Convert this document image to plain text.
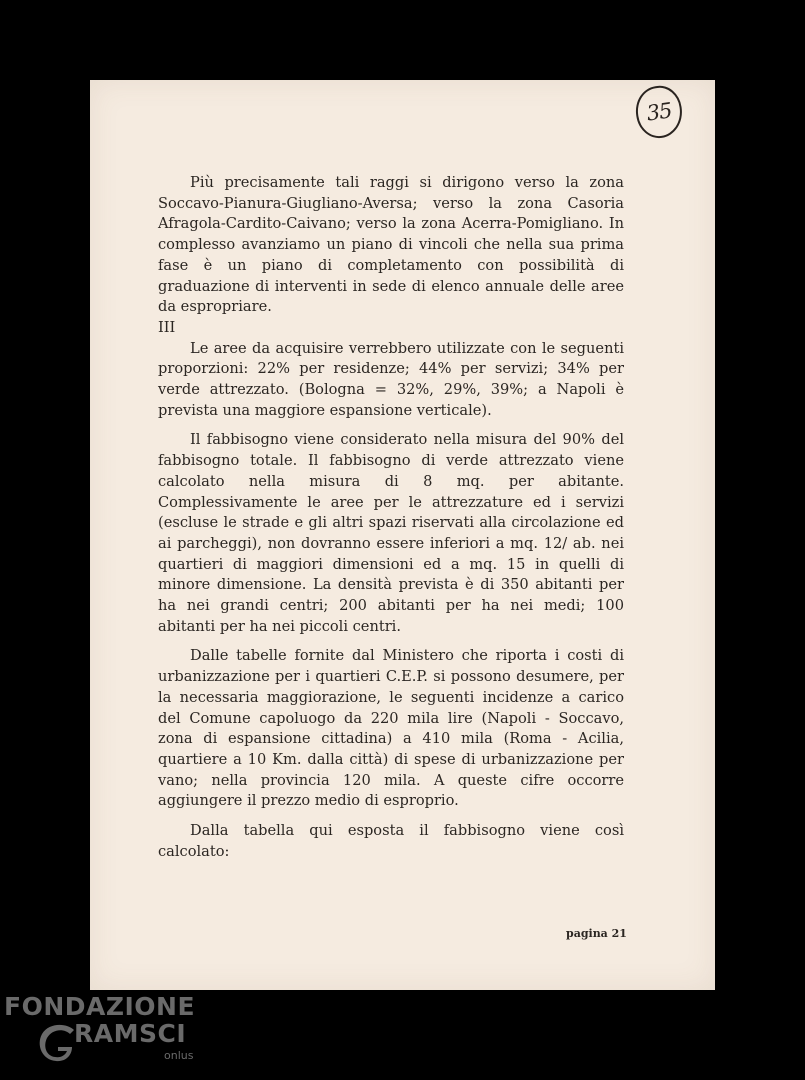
35

Più precisamente tali raggi si dirigono verso la zona Soccavo-Pianura-Giugliano-Aversa; verso la zona Casoria Afragola-Cardito-Caivano; verso la zona Acerra-Pomigliano. In complesso avanziamo un piano di vincoli che nella sua prima fase è un piano di completamento con possibilità di graduazione di interventi in sede di elenco annuale delle aree da espropriare.

III

Le aree da acquisire verrebbero utilizzate con le seguenti proporzioni: 22% per residenze; 44% per servizi; 34% per verde attrezzato. (Bologna = 32%, 29%, 39%; a Napoli è prevista una maggiore espansione verticale).

Il fabbisogno viene considerato nella misura del 90% del fabbisogno totale. Il fabbisogno di verde attrezzato viene calcolato nella misura di 8 mq. per abitante. Complessivamente le aree per le attrezzature ed i servizi (escluse le strade e gli altri spazi riservati alla circolazione ed ai parcheggi), non dovranno essere inferiori a mq. 12/ ab. nei quartieri di maggiori dimensioni ed a mq. 15 in quelli di minore dimensione. La densità prevista è di 350 abitanti per ha nei grandi centri; 200 abitanti per ha nei medi; 100 abitanti per ha nei piccoli centri.

Dalle tabelle fornite dal Ministero che riporta i costi di urbanizzazione per i quartieri C.E.P. si possono desumere, per la necessaria maggiorazione, le seguenti incidenze a carico del Comune capoluogo da 220 mila lire (Napoli - Soccavo, zona di espansione cittadina) a 410 mila (Roma - Acilia, quartiere a 10 Km. dalla città) di spese di urbanizzazione per vano; nella provincia 120 mila. A queste cifre occorre aggiungere il prezzo medio di esproprio.

Dalla tabella qui esposta il fabbisogno viene così calcolato:

pagina 21
FONDAZIONE
RAMSCI
onlus
